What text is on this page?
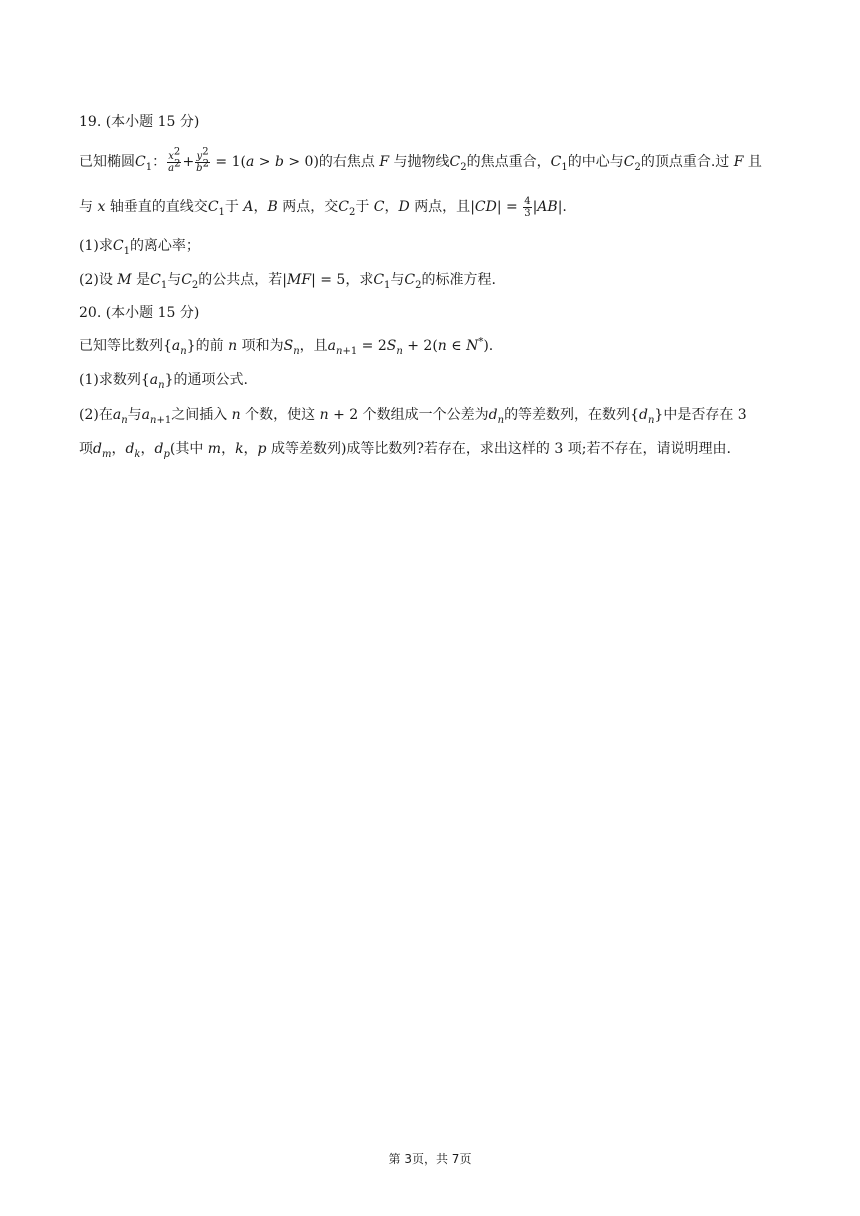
19. (本小题 15 分)
已知椭圆$C_1$： $\frac{x^2}{a^2} + \frac{y^2}{b^2} = 1(a > b > 0)$的右焦点 F 与抛物线$C_2$的焦点重合，$C_1$的中心与$C_2$的顶点重合.过 F 且
与 x 轴垂直的直线交$C_1$于 A，B 两点，交$C_2$于 C，D 两点，且$|CD| = \frac{4}{3} |AB|$.
(1)求$C_1$的离心率；
(2)设 M 是$C_1$与$C_2$的公共点，若|MF| = 5，求$C_1$与$C_2$的标准方程.
20. (本小题 15 分)
已知等比数列$\{a_n\}$的前 n 项和为$S_n$，且$a_{n+1} = 2S_n + 2(n$ ∈ N*).
(1)求数列$\{a_n\}$的通项公式.
(2)在$a_n$与$a_{n+1}$之间插入 n 个数，使这 n + 2 个数组成一个公差为$d_n$的等差数列，在数列$\{d_n\}$中是否存在 3
项$d_m$，$d_k$，$d_p$(其中 m，k，p 成等差数列)成等比数列?若存在，求出这样的 3 项;若不存在，请说明理由.
第 3页，共 7页
